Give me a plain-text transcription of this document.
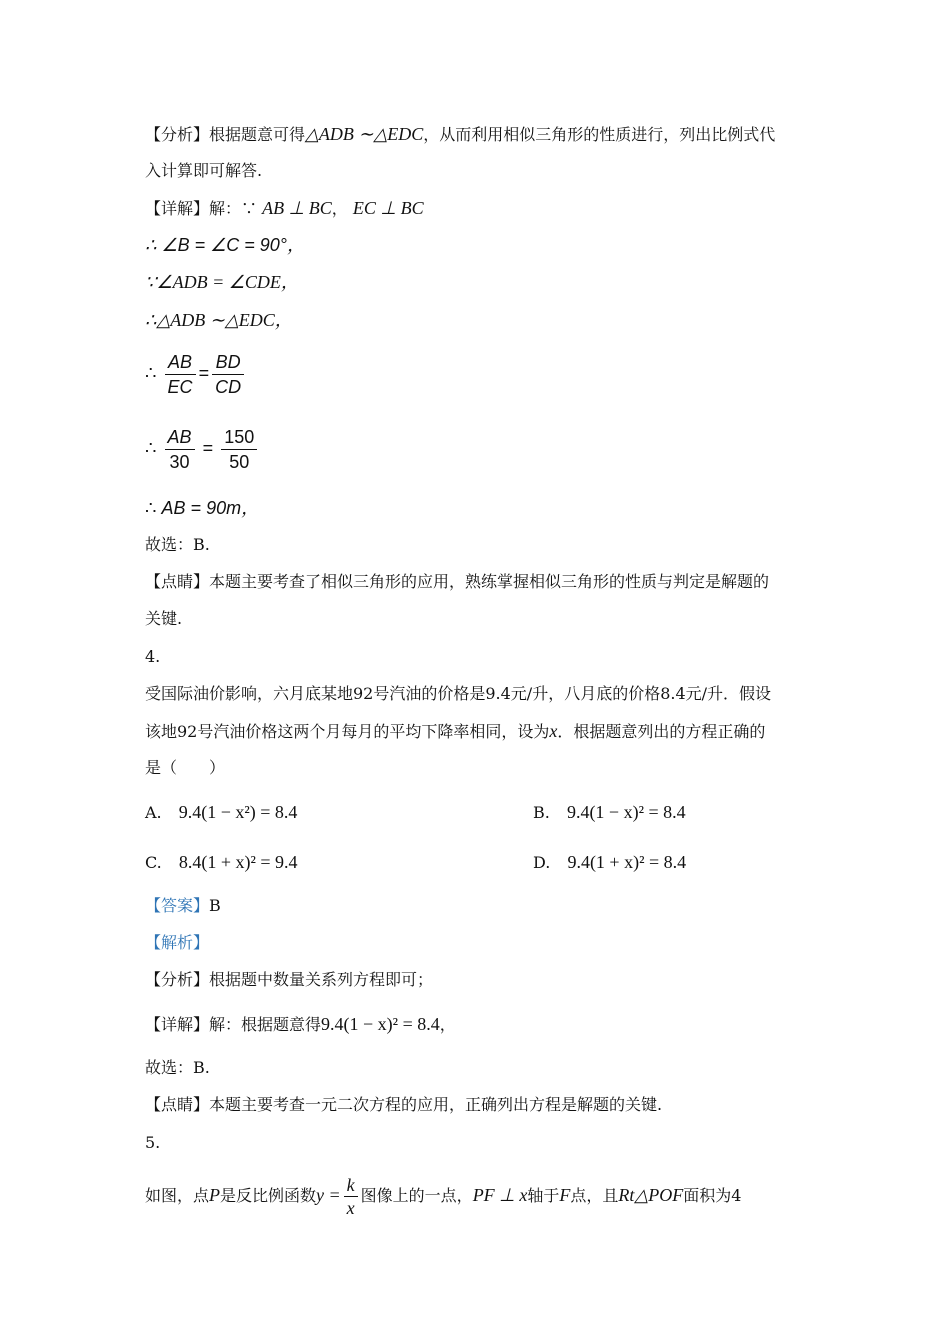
【分析】根据题意可得△ADB ∼△EDC，从而利用相似三角形的性质进行，列出比例式代
入计算即可解答.
【详解】解：∵ AB ⊥ BC， EC ⊥ BC
∴ ∠B = ∠C = 90°，
∵∠ADB = ∠CDE，
∴△ADB ∼△EDC，
∴ $\frac{AB}{EC} = \frac{BD}{CD}$
∴ $\frac{AB}{30} = \frac{150}{50}$
∴ AB = 90m，
故选：B.
【点睛】本题主要考查了相似三角形的应用，熟练掌握相似三角形的性质与判定是解题的
关键.
4.
受国际油价影响，六月底某地92号汽油的价格是9.4元/升，八月底的价格8.4元/升．假设
该地92号汽油价格这两个月每月的平均下降率相同，设为x．根据题意列出的方程正确的
是（　　）
A. 9.4(1 − x²) = 8.4	B. 9.4(1 − x)² = 8.4
C. 8.4(1 + x)² = 9.4	D. 9.4(1 + x)² = 8.4
【答案】B
【解析】
【分析】根据题中数量关系列方程即可；
【详解】解：根据题意得9.4(1 − x)² = 8.4，
故选：B.
【点睛】本题主要考查一元二次方程的应用，正确列出方程是解题的关键.
5.
如图，点P是反比例函数$y = \frac{k}{x}$ 图像上的一点，PF ⊥ x轴于F点，且Rt△POF面积为4
